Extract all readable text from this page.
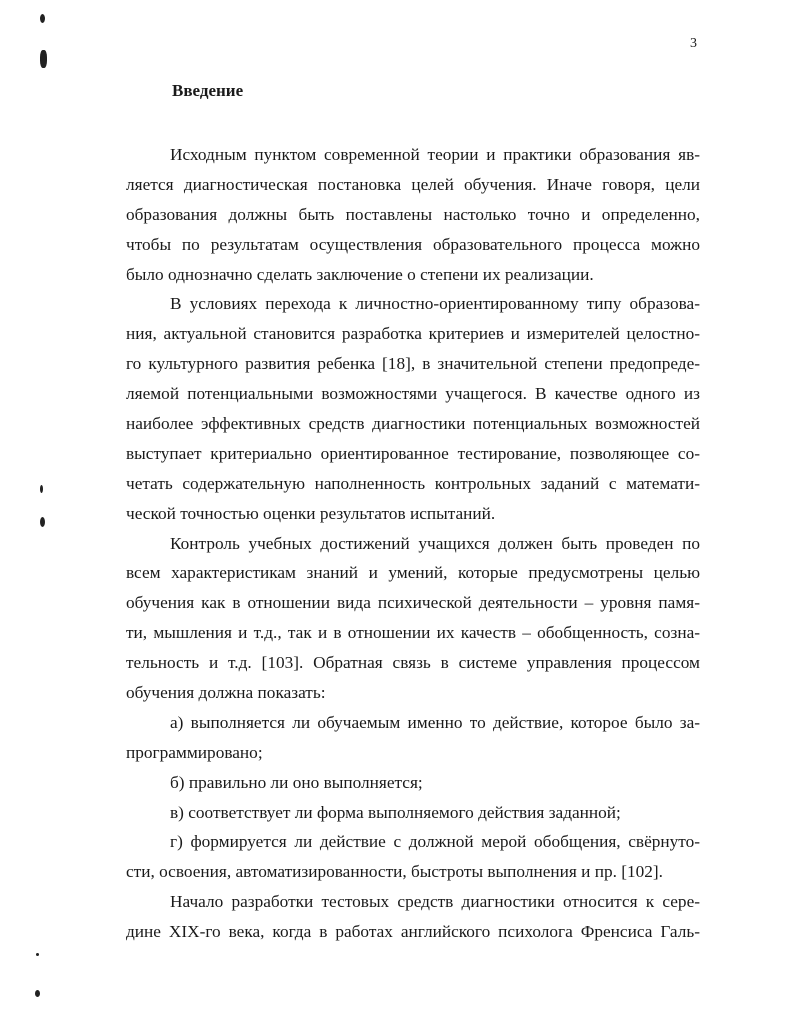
3
Введение
Исходным пунктом современной теории и практики образования яв-
ляется диагностическая постановка целей обучения. Иначе говоря, цели
образования должны быть поставлены настолько точно и определенно,
чтобы по результатам осуществления образовательного процесса можно
было однозначно сделать заключение о степени их реализации.
В условиях перехода к личностно-ориентированному типу образова-
ния, актуальной становится разработка критериев и измерителей целостно-
го культурного развития ребенка [18], в значительной степени предопреде-
ляемой потенциальными возможностями учащегося. В качестве одного из
наиболее эффективных средств диагностики потенциальных возможностей
выступает критериально ориентированное тестирование, позволяющее со-
четать содержательную наполненность контрольных заданий с математи-
ческой точностью оценки результатов испытаний.
Контроль учебных достижений учащихся должен быть проведен по
всем характеристикам знаний и умений, которые предусмотрены целью
обучения как в отношении вида психической деятельности – уровня памя-
ти, мышления и т.д., так и в отношении их качеств – обобщенность, созна-
тельность и т.д. [103]. Обратная связь в системе управления процессом
обучения должна показать:
а) выполняется ли обучаемым именно то действие, которое было за-
программировано;
б) правильно ли оно выполняется;
в) соответствует ли форма выполняемого действия заданной;
г) формируется ли действие с должной мерой обобщения, свёрнуто-
сти, освоения, автоматизированности, быстроты выполнения и пр. [102].
Начало разработки тестовых средств диагностики относится к сере-
дине XIX-го века, когда в работах английского психолога Френсиса Галь-
